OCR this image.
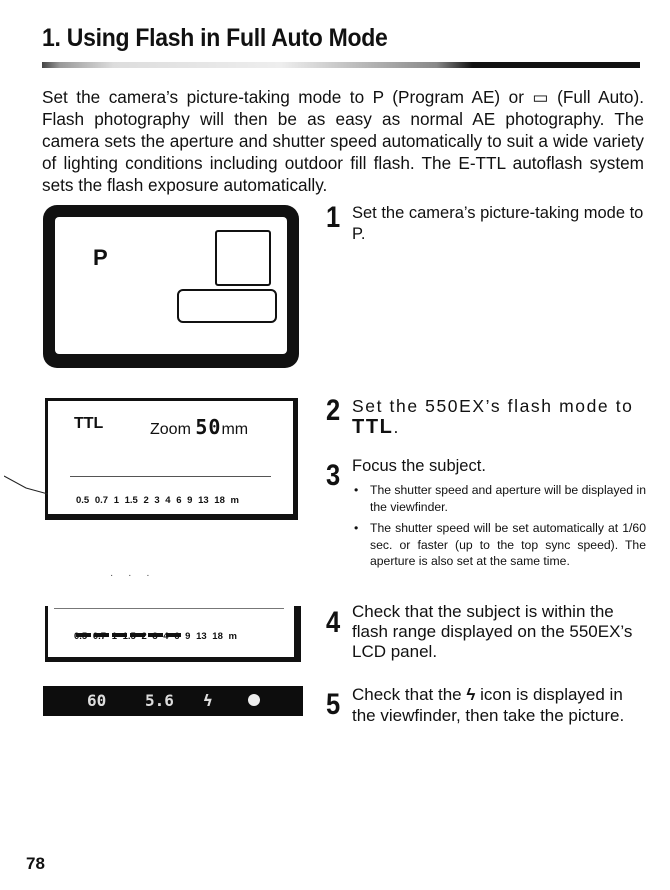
1. Using Flash in Full Auto Mode

Set the camera’s picture-taking mode to P (Program AE) or ▭ (Full Auto). Flash photography will then be as easy as normal AE photography. The camera sets the aperture and shutter speed automatically to suit a wide variety of lighting conditions including outdoor fill flash. The E-TTL autoflash system sets the flash exposure automatically.

P
TTL	Zoom 50mm
0.5 0.7 1 1.5 2 3 4 6 9 13 18 m
· · ·
0.5 0.7 1 1.5 2 3 4 6 9 13 18 m
60 5.6 ϟ
1 Set the camera’s picture-taking mode to P.
2 Set the 550EX’s flash mode to TTL.
3 Focus the subject.
• The shutter speed and aperture will be displayed in the viewfinder.
• The shutter speed will be set automatically at 1/60 sec. or faster (up to the top sync speed). The aperture is also set at the same time.
4 Check that the subject is within the flash range displayed on the 550EX’s LCD panel.
5 Check that the ϟ icon is displayed in the viewfinder, then take the picture.
78
